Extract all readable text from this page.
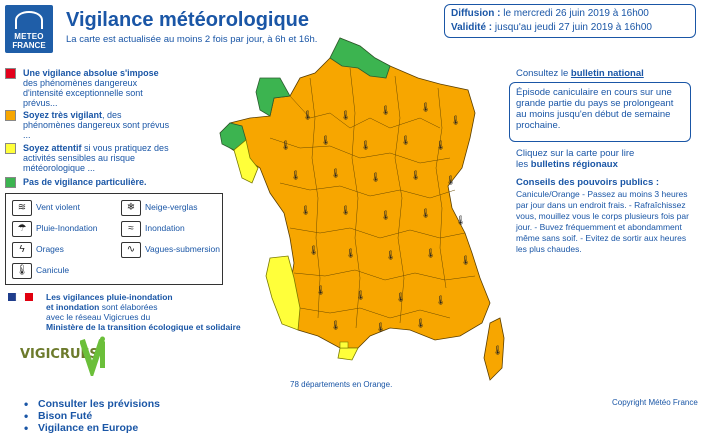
METEO
FRANCE
Vigilance météorologique
La carte est actualisée au moins 2 fois par jour, à 6h et 16h.
Diffusion : le mercredi 26 juin 2019 à 16h00
Validité : jusqu'au jeudi 27 juin 2019 à 16h00
Une vigilance absolue s'impose
des phénomènes dangereux d'intensité exceptionnelle sont prévus...
Soyez très vigilant, des phénomènes dangereux sont prévus ...
Soyez attentif si vous pratiquez des activités sensibles au risque météorologique ...
Pas de vigilance particulière.
≋	Vent violent	❄	Neige-verglas
☂	Pluie-Inondation	≈	Inondation
ϟ	Orages	∿	Vagues-submersion
🌡 Canicule
Les vigilances pluie-inondation
et inondation sont élaborées
avec le réseau Vigicrues du
Ministère de la transition écologique et solidaire
VIGICRUES
• Consulter les prévisions
• Bison Futé
• Vigilance en Europe
🌡	🌡	🌡	🌡
🌡
🌡	🌡	🌡	🌡	🌡
🌡	🌡	🌡	🌡	🌡
🌡	🌡	🌡	🌡
🌡
🌡	🌡	🌡	🌡
🌡
🌡	🌡	🌡	🌡
🌡	🌡	🌡
🌡
78 départements en Orange.
Consultez le bulletin national
Épisode caniculaire en cours sur une grande partie du pays se prolongeant au moins jusqu'en début de semaine prochaine.
Cliquez sur la carte pour lire
les bulletins régionaux
Conseils des pouvoirs publics :
Canicule/Orange - Passez au moins 3 heures par jour dans un endroit frais. - Rafraîchissez vous, mouillez vous le corps plusieurs fois par jour. - Buvez fréquemment et abondamment même sans soif. - Evitez de sortir aux heures les plus chaudes.
Copyright Météo France
